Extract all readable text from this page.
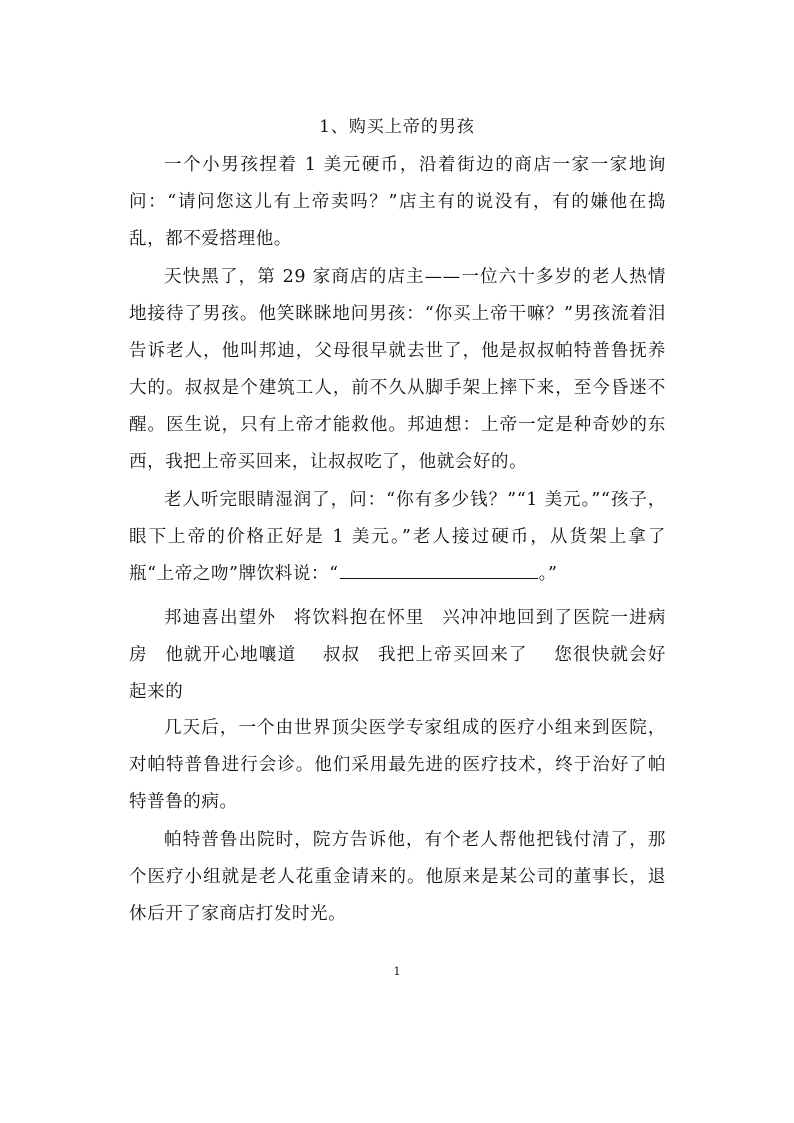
1、购买上帝的男孩

一个小男孩捏着 1 美元硬币，沿着街边的商店一家一家地询问：“请问您这儿有上帝卖吗？”店主有的说没有，有的嫌他在捣乱，都不爱搭理他。

天快黑了，第 29 家商店的店主——一位六十多岁的老人热情地接待了男孩。他笑眯眯地问男孩：“你买上帝干嘛？”男孩流着泪告诉老人，他叫邦迪，父母很早就去世了，他是叔叔帕特普鲁抚养大的。叔叔是个建筑工人，前不久从脚手架上摔下来，至今昏迷不醒。医生说，只有上帝才能救他。邦迪想：上帝一定是种奇妙的东西，我把上帝买回来，让叔叔吃了，他就会好的。

老人听完眼睛湿润了，问：“你有多少钱？”“1 美元。”“孩子，眼下上帝的价格正好是 1 美元。”老人接过硬币，从货架上拿了瓶“上帝之吻”牌饮料说：“	。”

邦迪喜出望外 将饮料抱在怀里 兴冲冲地回到了医院一进病房 他就开心地嚷道 叔叔 我把上帝买回来了 您很快就会好起来的

几天后，一个由世界顶尖医学专家组成的医疗小组来到医院，对帕特普鲁进行会诊。他们采用最先进的医疗技术，终于治好了帕特普鲁的病。

帕特普鲁出院时，院方告诉他，有个老人帮他把钱付清了，那个医疗小组就是老人花重金请来的。他原来是某公司的董事长，退休后开了家商店打发时光。

1
